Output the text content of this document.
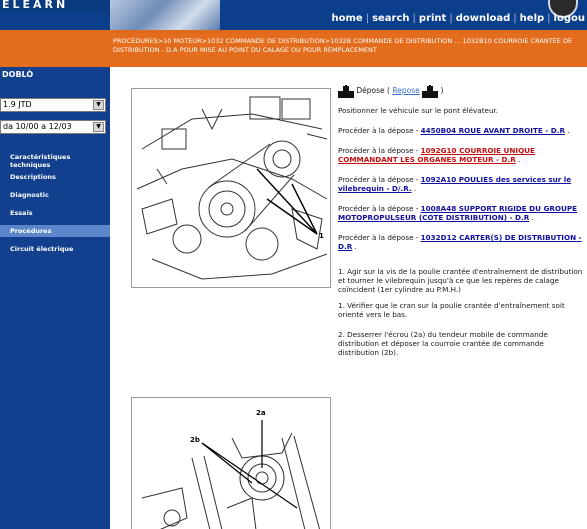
ELEARN
home | search | print | download | help | logou
PROCÉDURES>10 MOTEUR>1032 COMMANDE DE DISTRIBUTION>1032B COMMANDE DE DISTRIBUTION ... 1032B10 COURROIE CRANTÉE DE DISTRIBUTION - D.A POUR MISE AU POINT DU CALAGE OU POUR REMPLACEMENT
DOBLÒ
1.9 JTD	▼
da 10/00 a 12/03	▼
Caractéristiques techniques
Descriptions
Diagnostic
Essais
Procédures
Circuit électrique
1
2a
2b
Dépose ( Repose	)
Positionner le véhicule sur le pont élévateur.
Procéder à la dépose - 4450B04 ROUE AVANT DROITE - D.R .
Procéder à la dépose - 1092G10 COURROIE UNIQUE COMMANDANT LES ORGANES MOTEUR - D.R .
Procéder à la dépose - 1092A10 POULIES des services sur le vilebrequin - D/.R. .
Procéder à la dépose - 1008A48 SUPPORT RIGIDE DU GROUPE MOTOPROPULSEUR (COTE DISTRIBUTION) - D.R .
Procéder à la dépose - 1032D12 CARTER(S) DE DISTRIBUTION - D.R .
1. Agir sur la vis de la poulie crantée d'entraînement de distribution et tourner le vilebrequin jusqu'à ce que les repères de calage coïncident (1er cylindre au P.M.H.)
1. Vérifier que le cran sur la poulie crantée d'entraînement soit orienté vers le bas.
2. Desserrer l'écrou (2a) du tendeur mobile de commande distribution et déposer la courroie crantée de commande distribution (2b).
